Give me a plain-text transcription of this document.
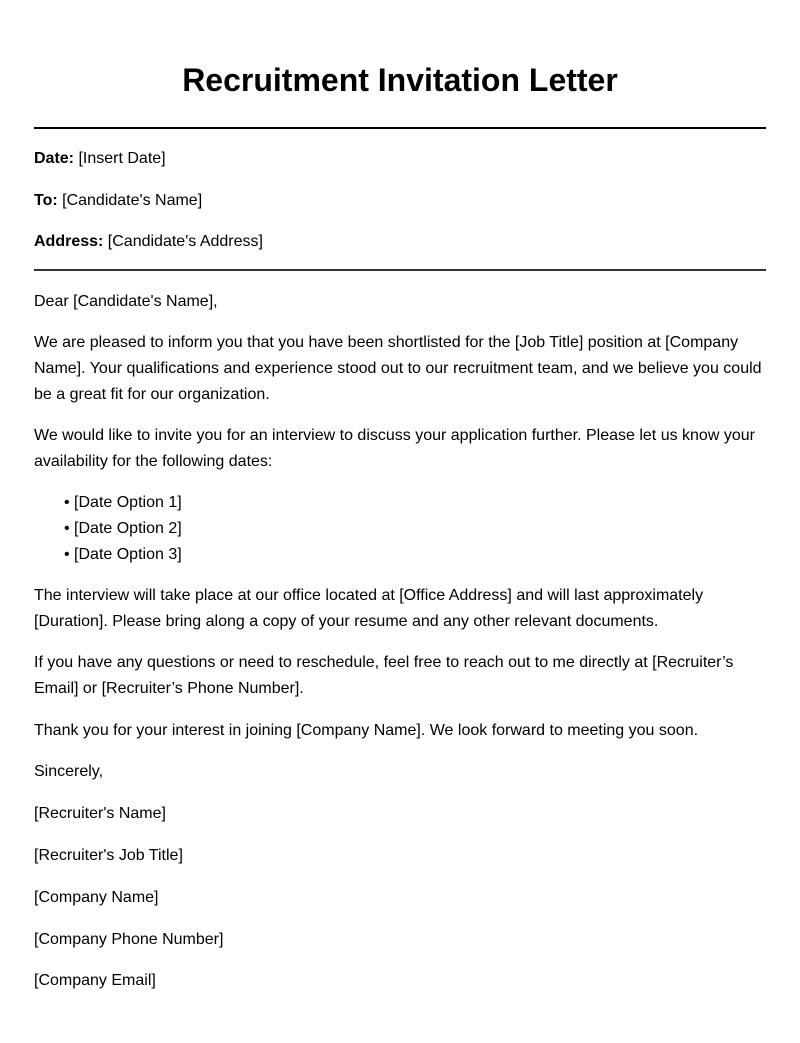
Recruitment Invitation Letter

Date: [Insert Date]

To: [Candidate's Name]

Address: [Candidate's Address]

Dear [Candidate's Name],

We are pleased to inform you that you have been shortlisted for the [Job Title] position at [Company Name]. Your qualifications and experience stood out to our recruitment team, and we believe you could be a great fit for our organization.

We would like to invite you for an interview to discuss your application further. Please let us know your availability for the following dates:

• [Date Option 1]
• [Date Option 2]
• [Date Option 3]

The interview will take place at our office located at [Office Address] and will last approximately [Duration]. Please bring along a copy of your resume and any other relevant documents.

If you have any questions or need to reschedule, feel free to reach out to me directly at [Recruiter’s Email] or [Recruiter’s Phone Number].

Thank you for your interest in joining [Company Name]. We look forward to meeting you soon.

Sincerely,

[Recruiter's Name]

[Recruiter's Job Title]

[Company Name]

[Company Phone Number]

[Company Email]
